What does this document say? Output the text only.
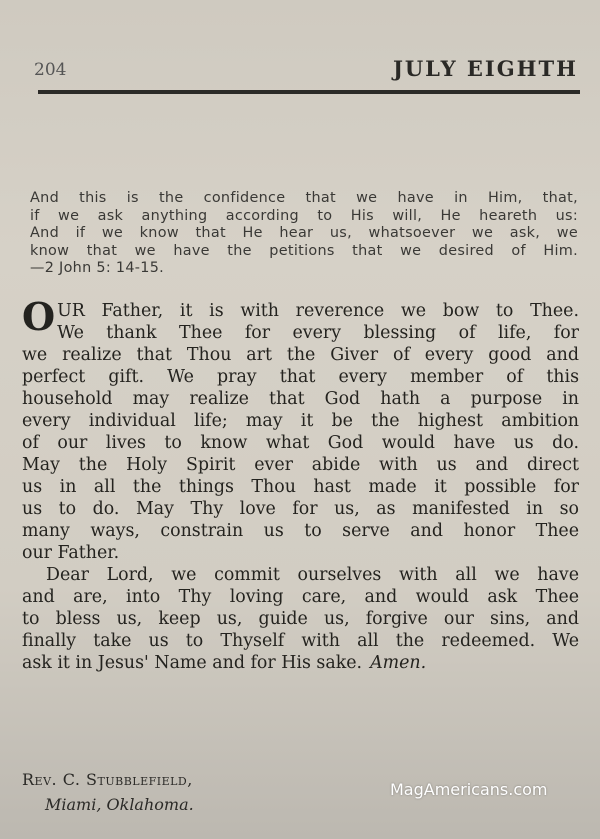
204	JULY EIGHTH
And this is the confidence that we have in Him, that,
if we ask anything according to His will, He heareth us:
And if we know that He hear us, whatsoever we ask, we
know that we have the petitions that we desired of Him.
—2 John 5: 14-15.
OUR Father, it is with reverence we bow to Thee.
We thank Thee for every blessing of life, for
we realize that Thou art the Giver of every good and
perfect gift. We pray that every member of this
household may realize that God hath a purpose in
every individual life; may it be the highest ambition
of our lives to know what God would have us do.
May the Holy Spirit ever abide with us and direct
us in all the things Thou hast made it possible for
us to do. May Thy love for us, as manifested in so
many ways, constrain us to serve and honor Thee
our Father.
Dear Lord, we commit ourselves with all we have
and are, into Thy loving care, and would ask Thee
to bless us, keep us, guide us, forgive our sins, and
finally take us to Thyself with all the redeemed. We
ask it in Jesus' Name and for His sake. Amen.
Rev. C. Stubblefield,
Miami, Oklahoma.
MagAmericans.com
